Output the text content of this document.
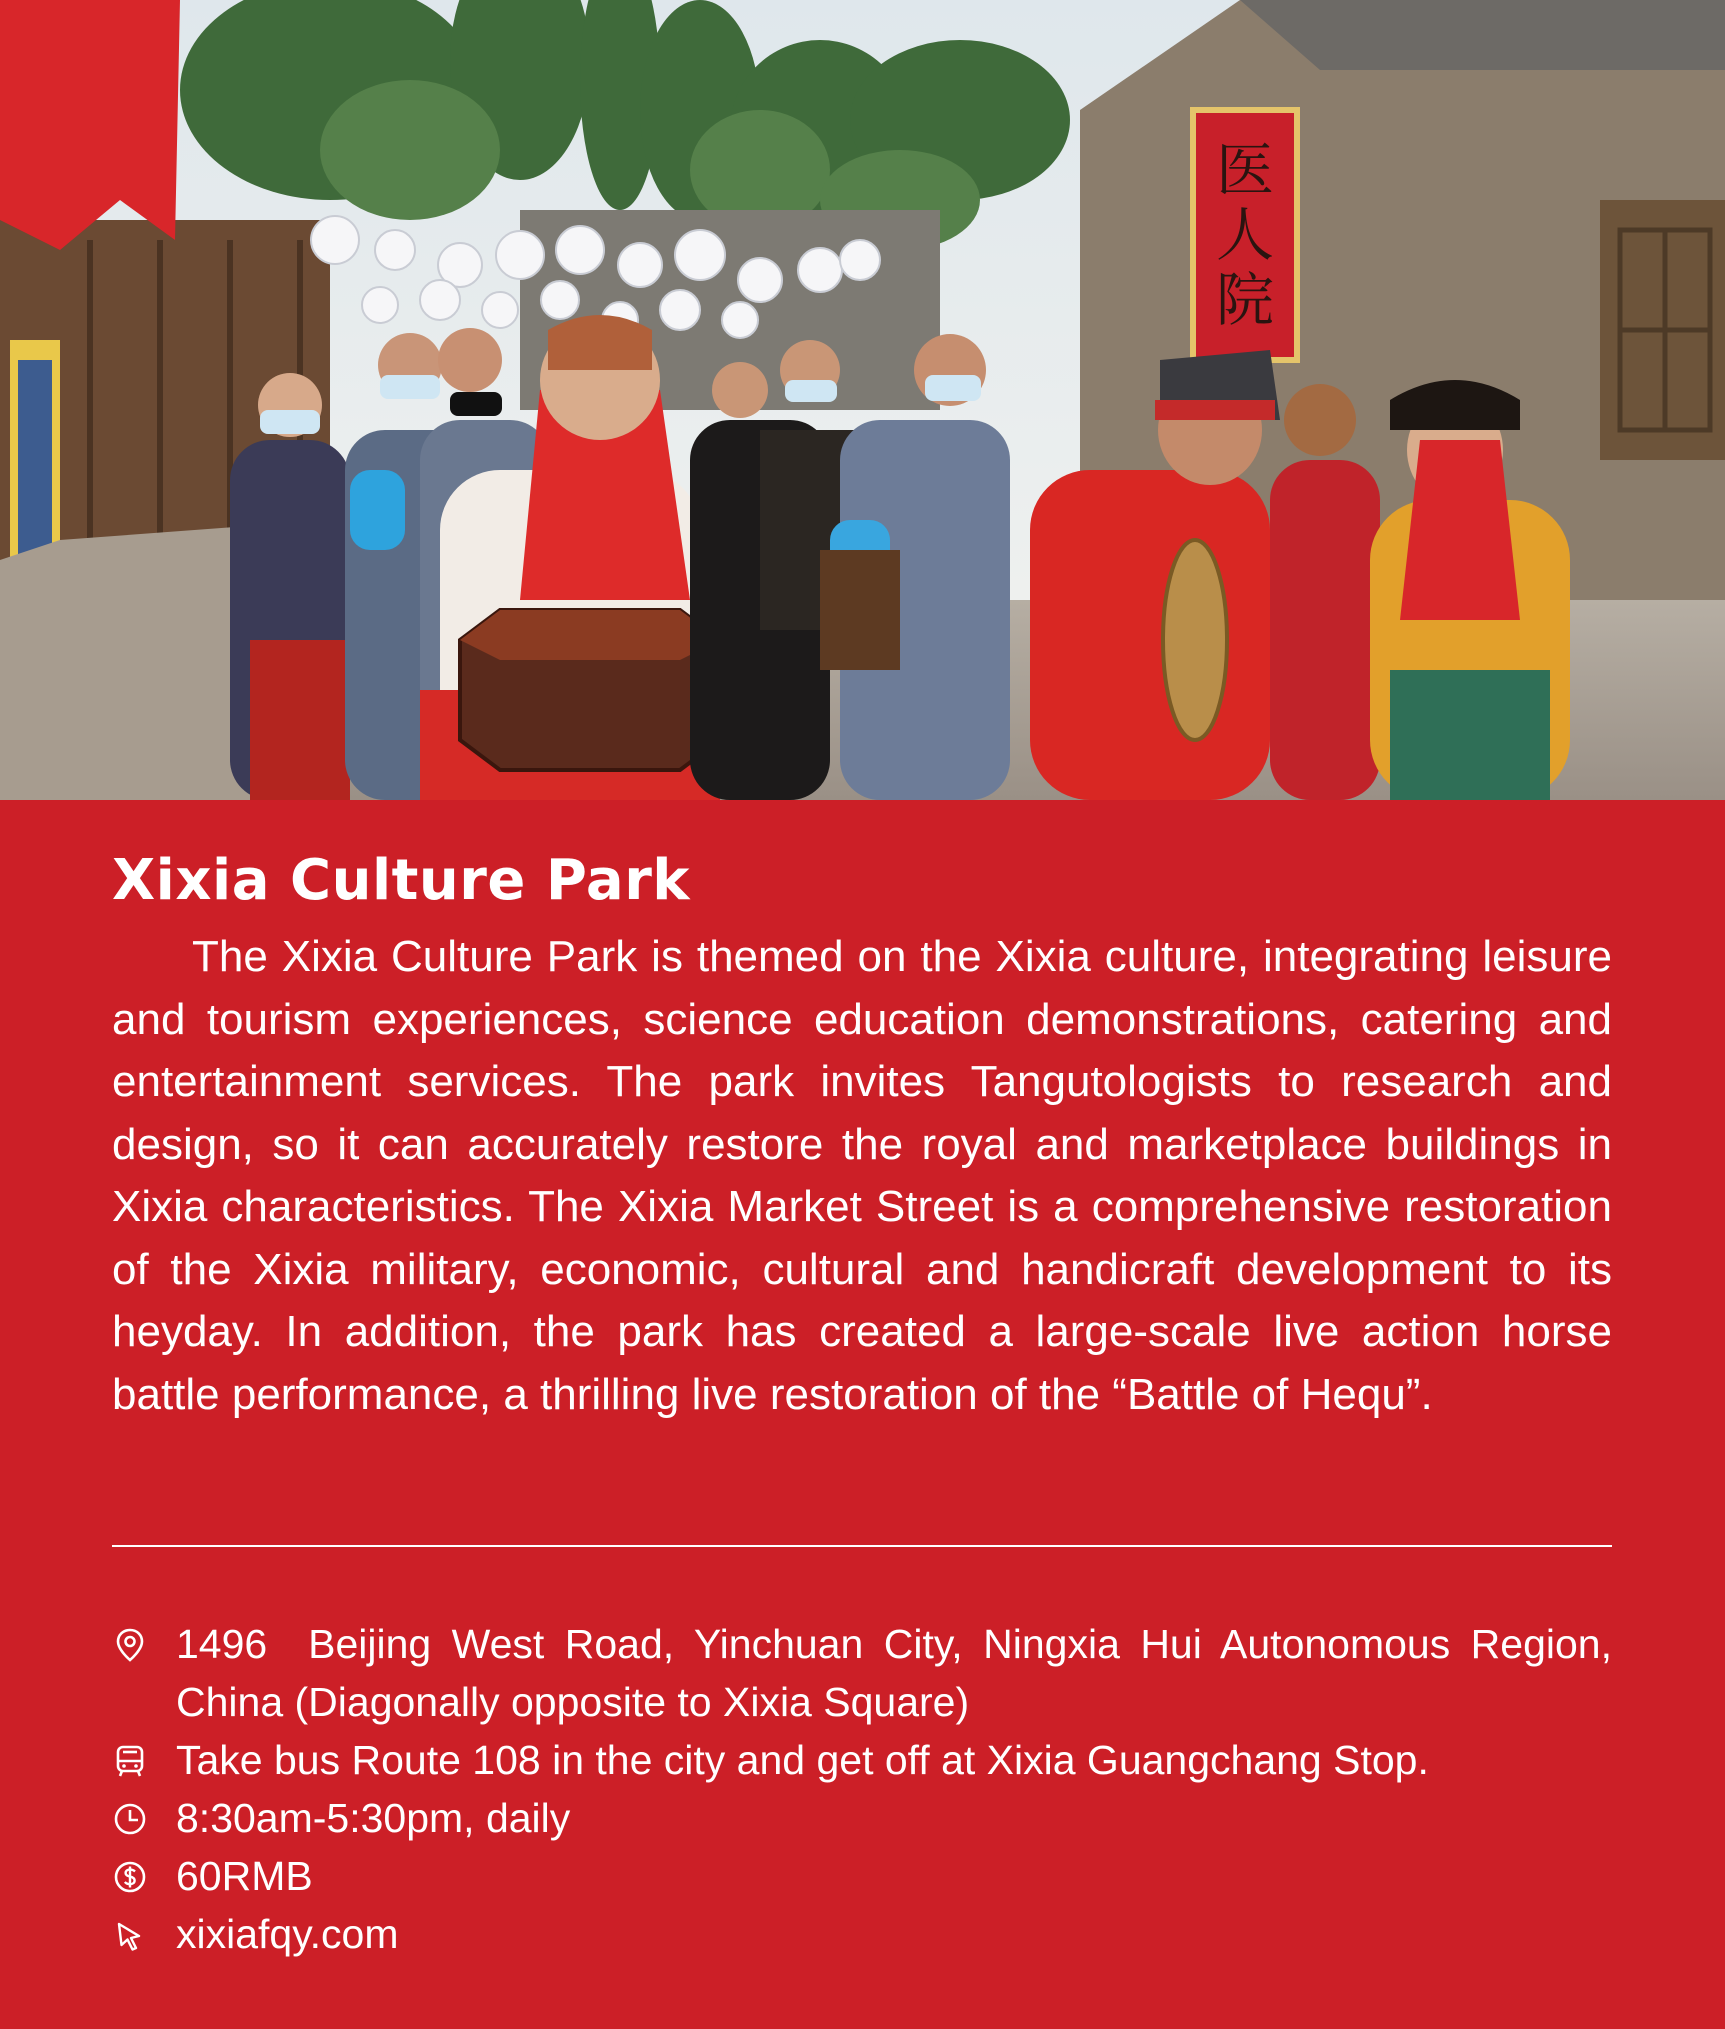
医
人
院
Xixia Culture Park

The Xixia Culture Park is themed on the Xixia culture, integrating leisure and tourism experiences, science education demonstrations, catering and entertainment services. The park invites Tangutologists to research and design, so it can accurately restore the royal and marketplace buildings in Xixia characteristics. The Xixia Market Street is a comprehensive restoration of the Xixia military, economic, cultural and handicraft development to its heyday. In addition, the park has created a large-scale live action horse battle performance, a thrilling live restoration of the “Battle of Hequ”.

1496  Beijing West Road, Yinchuan City, Ningxia Hui Autonomous Region, China (Diagonally opposite to Xixia Square)
Take bus Route 108 in the city and get off at Xixia Guangchang Stop.
8:30am-5:30pm, daily
60RMB
xixiafqy.com
